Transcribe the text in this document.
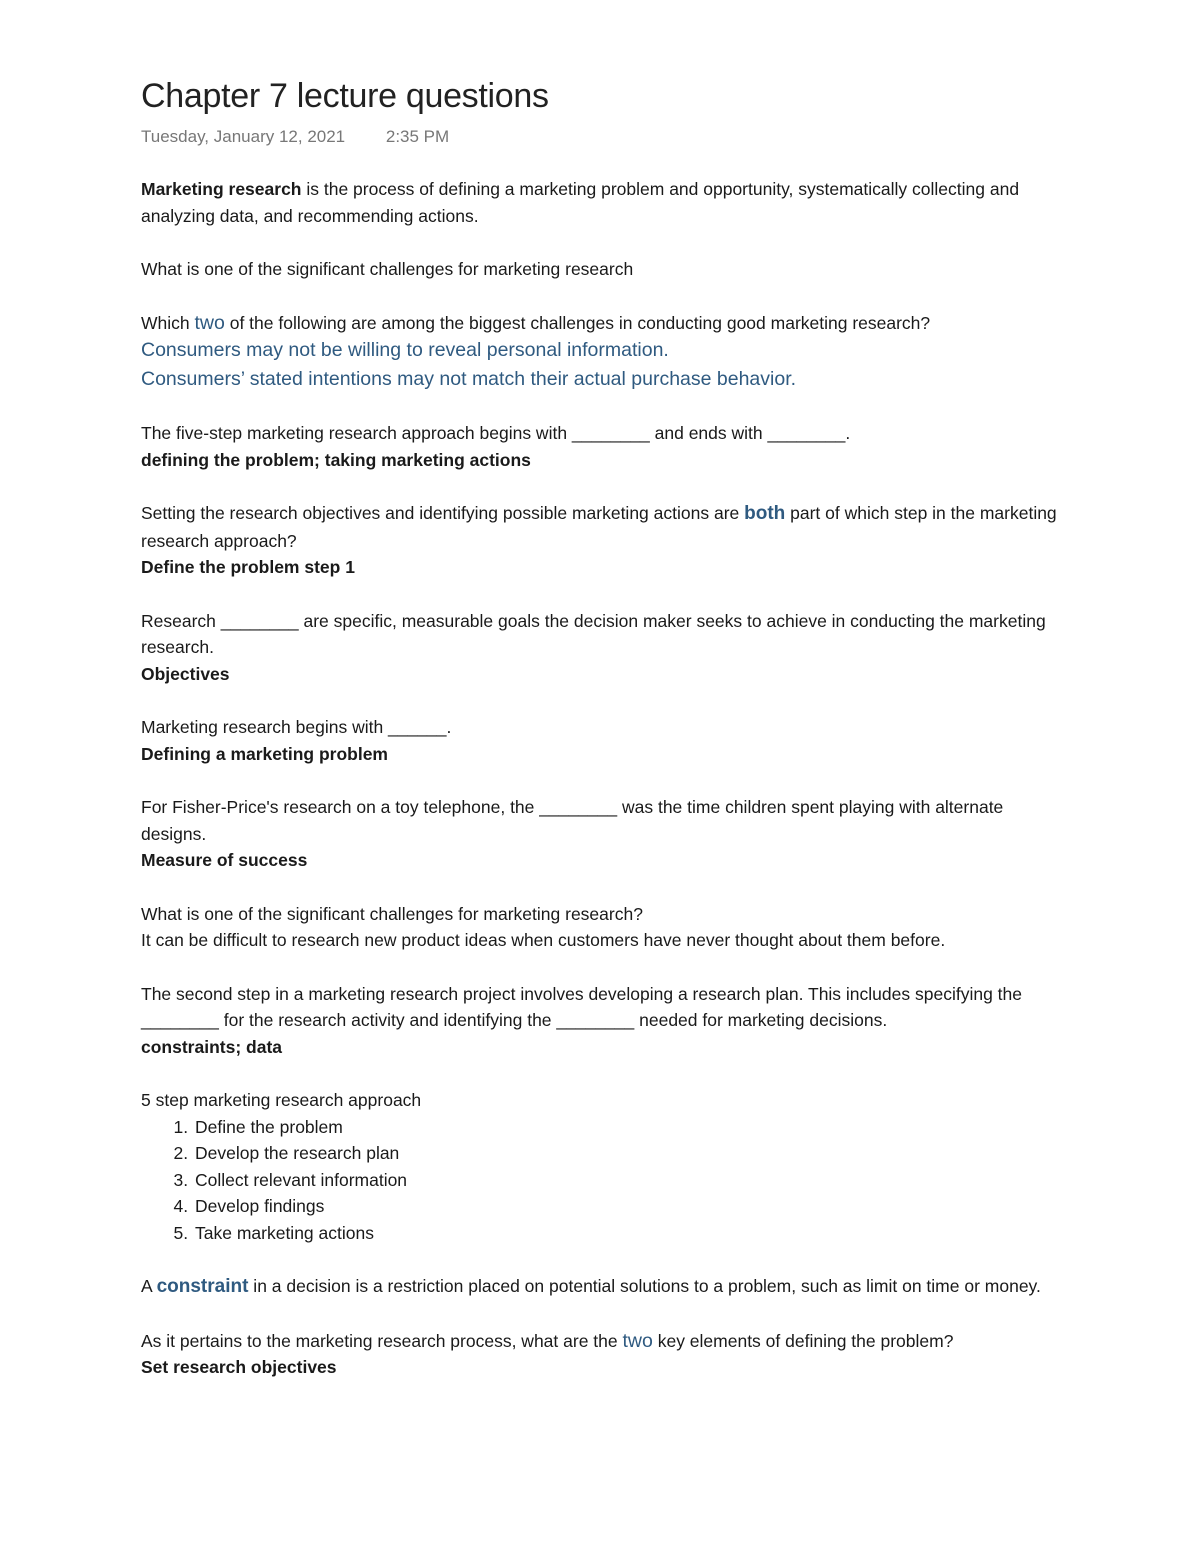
Chapter 7 lecture questions
Tuesday, January 12, 2021 2:35 PM

Marketing research is the process of defining a marketing problem and opportunity, systematically collecting and analyzing data, and recommending actions.

What is one of the significant challenges for marketing research

Which two of the following are among the biggest challenges in conducting good marketing research?

Consumers may not be willing to reveal personal information.

Consumers’ stated intentions may not match their actual purchase behavior.

The five-step marketing research approach begins with ________ and ends with ________.

defining the problem; taking marketing actions

Setting the research objectives and identifying possible marketing actions are both part of which step in the marketing research approach?

Define the problem step 1

Research ________ are specific, measurable goals the decision maker seeks to achieve in conducting the marketing research.

Objectives

Marketing research begins with ______.

Defining a marketing problem

For Fisher-Price's research on a toy telephone, the ________ was the time children spent playing with alternate designs.

Measure of success

What is one of the significant challenges for marketing research?

It can be difficult to research new product ideas when customers have never thought about them before.

The second step in a marketing research project involves developing a research plan. This includes specifying the ________ for the research activity and identifying the ________ needed for marketing decisions.

constraints; data

5 step marketing research approach

1. Define the problem
2. Develop the research plan
3. Collect relevant information
4. Develop findings
5. Take marketing actions

A constraint in a decision is a restriction placed on potential solutions to a problem, such as limit on time or money.

As it pertains to the marketing research process, what are the two key elements of defining the problem?

Set research objectives
